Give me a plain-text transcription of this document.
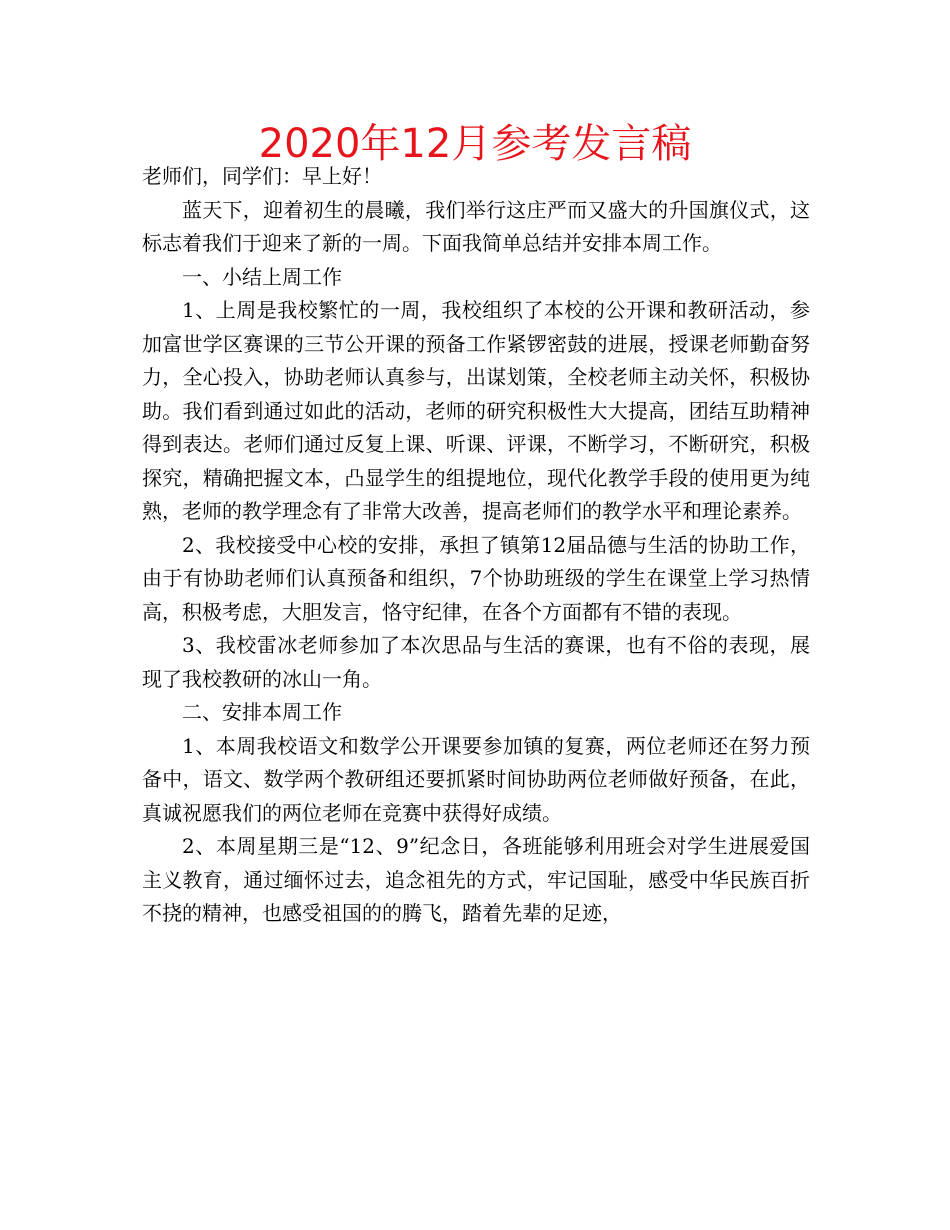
2020年12月参考发言稿

老师们，同学们：早上好！

蓝天下，迎着初生的晨曦，我们举行这庄严而又盛大的升国旗仪式，这标志着我们于迎来了新的一周。下面我简单总结并安排本周工作。

一、小结上周工作

1、上周是我校繁忙的一周，我校组织了本校的公开课和教研活动，参加富世学区赛课的三节公开课的预备工作紧锣密鼓的进展，授课老师勤奋努力，全心投入，协助老师认真参与，出谋划策，全校老师主动关怀，积极协助。我们看到通过如此的活动，老师的研究积极性大大提高，团结互助精神得到表达。老师们通过反复上课、听课、评课，不断学习，不断研究，积极探究，精确把握文本，凸显学生的组提地位，现代化教学手段的使用更为纯熟，老师的教学理念有了非常大改善，提高老师们的教学水平和理论素养。

2、我校接受中心校的安排，承担了镇第12届品德与生活的协助工作，由于有协助老师们认真预备和组织，7个协助班级的学生在课堂上学习热情高，积极考虑，大胆发言，恪守纪律，在各个方面都有不错的表现。

3、我校雷冰老师参加了本次思品与生活的赛课，也有不俗的表现，展现了我校教研的冰山一角。

二、安排本周工作

1、本周我校语文和数学公开课要参加镇的复赛，两位老师还在努力预备中，语文、数学两个教研组还要抓紧时间协助两位老师做好预备，在此，真诚祝愿我们的两位老师在竞赛中获得好成绩。

2、本周星期三是“12、9”纪念日，各班能够利用班会对学生进展爱国主义教育，通过缅怀过去，追念祖先的方式，牢记国耻，感受中华民族百折不挠的精神，也感受祖国的的腾飞，踏着先辈的足迹，
